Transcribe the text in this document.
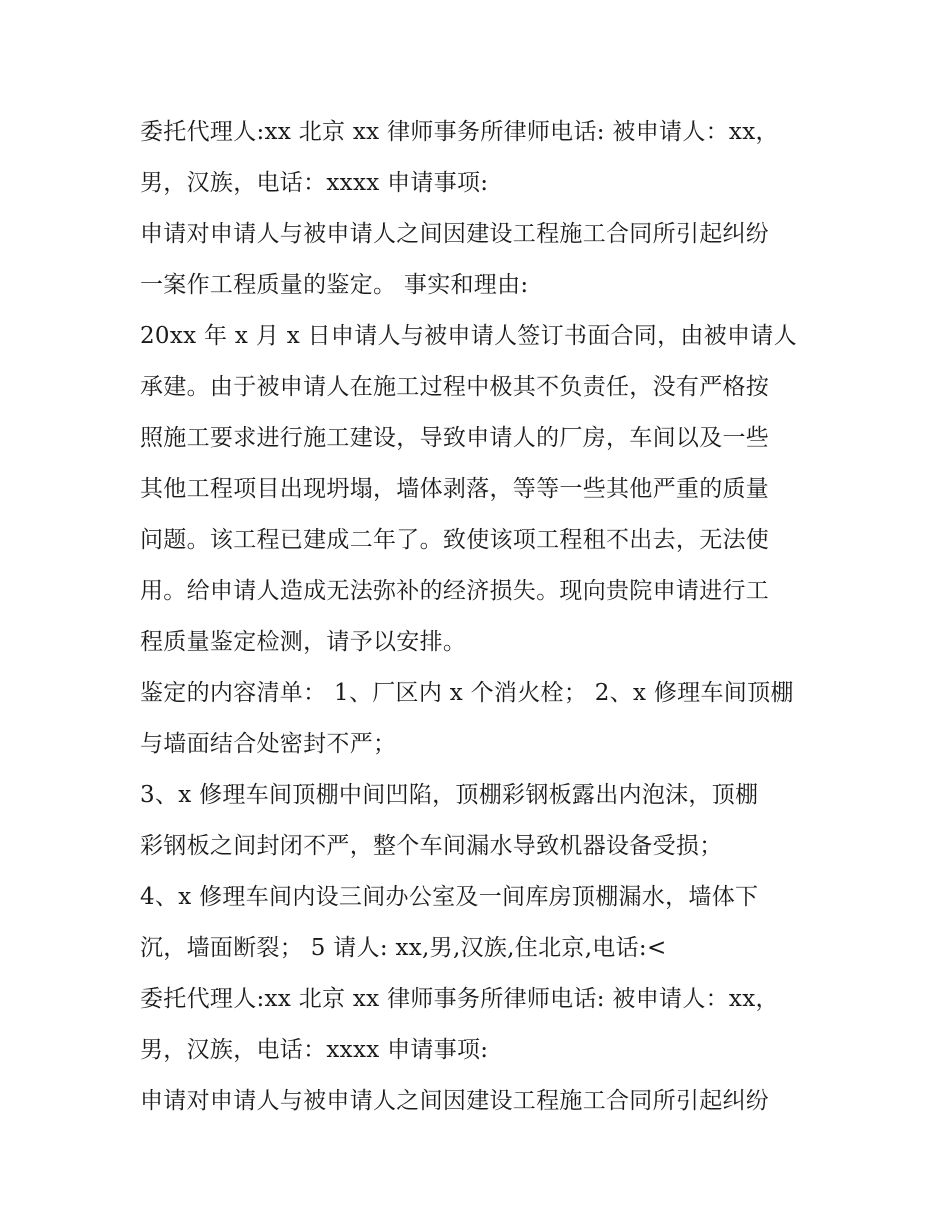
委托代理人:xx 北京 xx 律师事务所律师电话: 被申请人：xx，
男，汉族，电话：xxxx 申请事项:
申请对申请人与被申请人之间因建设工程施工合同所引起纠纷
一案作工程质量的鉴定。 事实和理由:
20xx 年 x 月 x 日申请人与被申请人签订书面合同，由被申请人
承建。由于被申请人在施工过程中极其不负责任，没有严格按
照施工要求进行施工建设，导致申请人的厂房，车间以及一些
其他工程项目出现坍塌，墙体剥落，等等一些其他严重的质量
问题。该工程已建成二年了。致使该项工程租不出去，无法使
用。给申请人造成无法弥补的经济损失。现向贵院申请进行工
程质量鉴定检测，请予以安排。
鉴定的内容清单： 1、厂区内 x 个消火栓； 2、x 修理车间顶棚
与墙面结合处密封不严；
3、x 修理车间顶棚中间凹陷，顶棚彩钢板露出内泡沫，顶棚
彩钢板之间封闭不严，整个车间漏水导致机器设备受损；
4、x 修理车间内设三间办公室及一间库房顶棚漏水，墙体下
沉，墙面断裂； 5 请人: xx,男,汉族,住北京,电话:<
委托代理人:xx 北京 xx 律师事务所律师电话: 被申请人：xx，
男，汉族，电话：xxxx 申请事项:
申请对申请人与被申请人之间因建设工程施工合同所引起纠纷
